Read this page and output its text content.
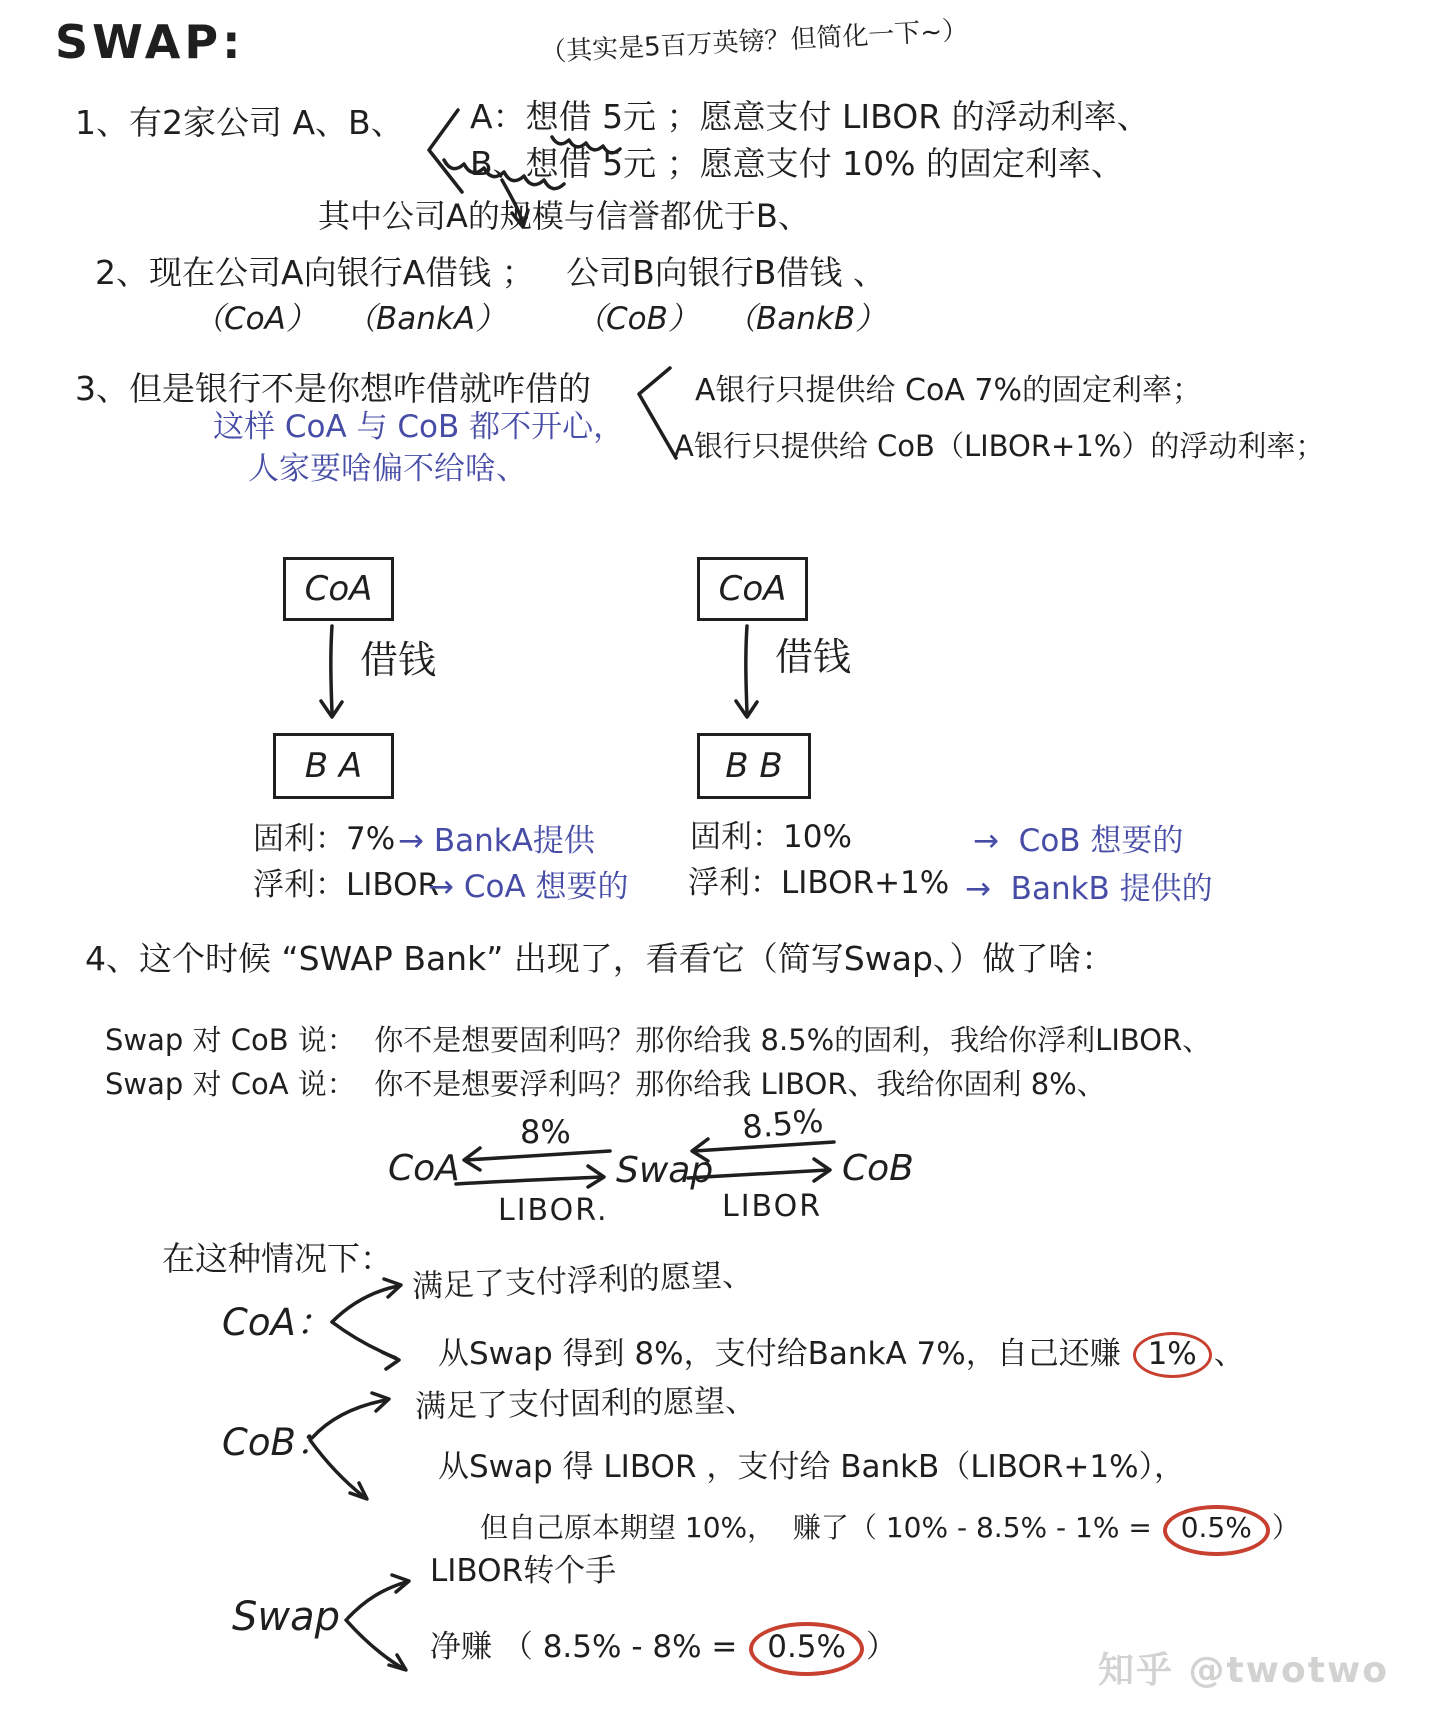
SWAP:	（其实是5百万英镑？但简化一下~）
1、有2家公司 A、B、 A：想借 5元 ；愿意支付 LIBOR 的浮动利率、
B、想借 5元 ；愿意支付 10% 的固定利率、
其中公司A的规模与信誉都优于B、
2、现在公司A向银行A借钱 ；   公司B向银行B借钱 、
（CoA） （BankA） （CoB） （BankB）
3、但是银行不是你想咋借就咋借的	A银行只提供给 CoA 7%的固定利率；
A银行只提供给 CoB（LIBOR+1%）的浮动利率；
这样 CoA 与 CoB 都不开心，
人家要啥偏不给啥、
CoA	CoA
借钱	借钱
B A	B B
固利：7% → BankA提供
浮利：LIBOR
→ CoA 想要的
固利：10%	→  CoB 想要的
浮利：LIBOR+1% →  BankB 提供的
4、这个时候 “SWAP Bank” 出现了，看看它（简写Swap、）做了啥：
Swap 对 CoB 说：  你不是想要固利吗？那你给我 8.5%的固利，我给你浮利LIBOR、
Swap 对 CoA 说：  你不是想要浮利吗？那你给我 LIBOR、我给你固利 8%、
CoA	Swap	CoB
8%
LIBOR.
8.5%
LIBOR
在这种情况下：
CoA：
满足了支付浮利的愿望、
从Swap 得到 8%，支付给BankA 7%，自己还赚 1% 、
CoB：
满足了支付固利的愿望、
从Swap 得 LIBOR ，支付给 BankB（LIBOR+1%），
但自己原本期望 10%，  赚了（ 10% - 8.5% - 1% = 0.5% ）
Swap
LIBOR转个手
净赚 （ 8.5% - 8% = 0.5% ）
知乎 @twotwo
